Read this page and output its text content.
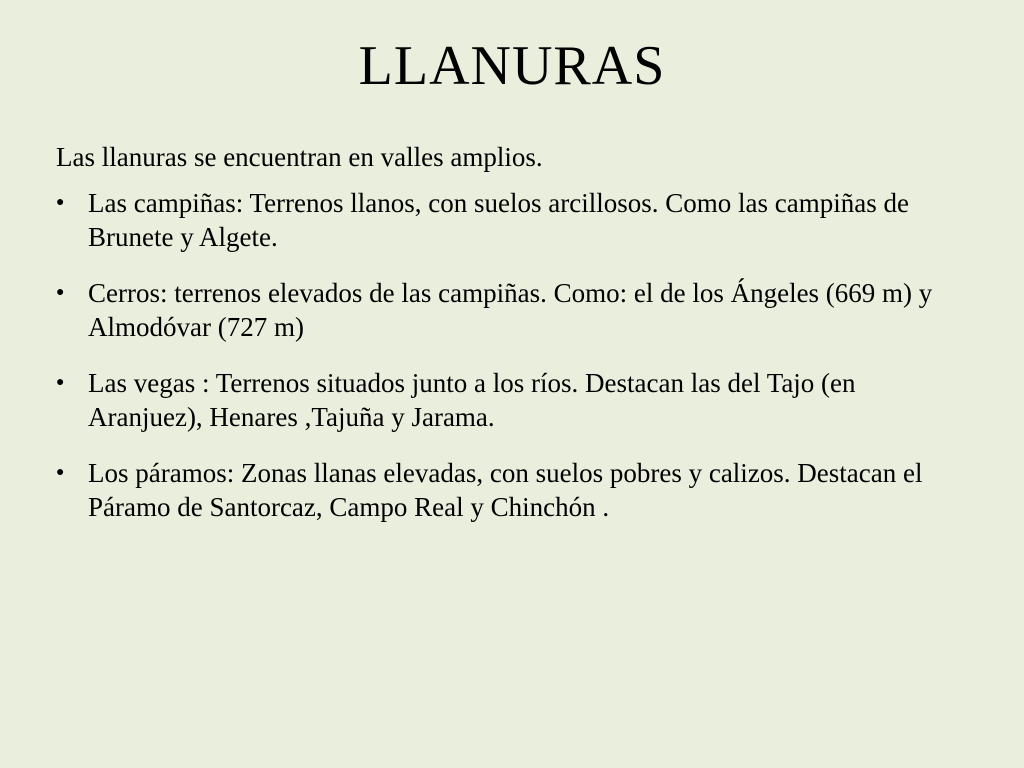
LLANURAS

Las llanuras se encuentran en valles amplios.

● Las campiñas: Terrenos llanos, con suelos arcillosos. Como las campiñas de Brunete y Algete.
● Cerros: terrenos elevados de las campiñas. Como: el de los Ángeles (669 m) y Almodóvar (727 m)
● Las vegas : Terrenos situados junto a los ríos. Destacan las del Tajo (en Aranjuez), Henares ,Tajuña y Jarama.
● Los páramos: Zonas llanas elevadas, con suelos pobres y calizos. Destacan el Páramo de Santorcaz, Campo Real y Chinchón .
